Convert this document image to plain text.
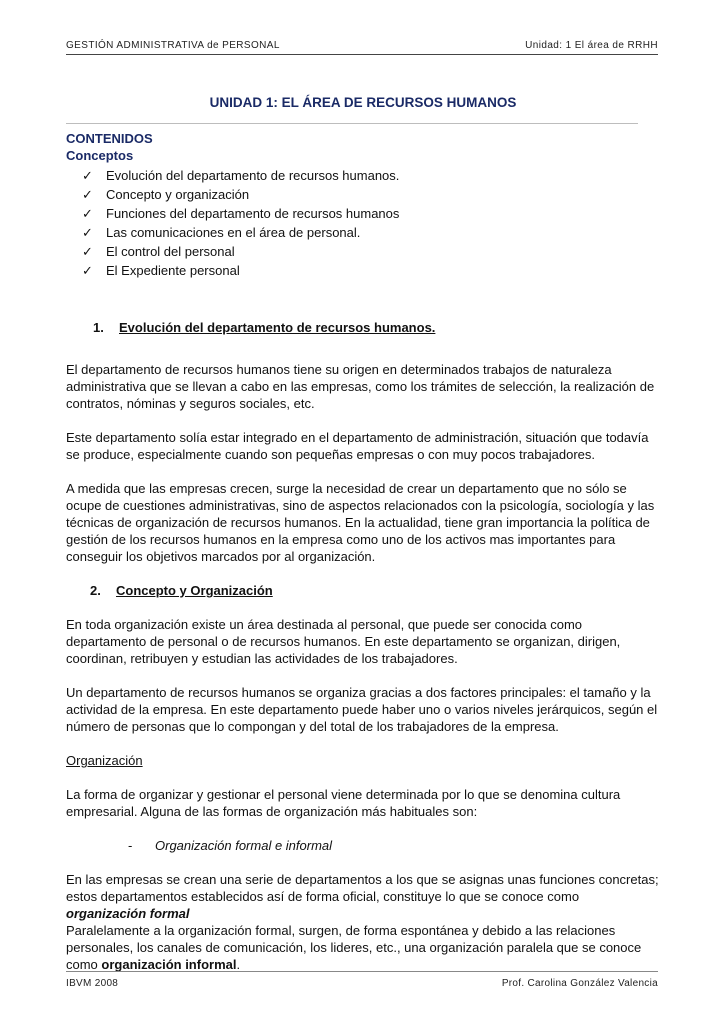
GESTIÓN ADMINISTRATIVA de PERSONAL	Unidad: 1 El área de RRHH
UNIDAD 1: EL ÁREA DE RECURSOS HUMANOS
CONTENIDOS
Conceptos
✓	Evolución del departamento de recursos humanos.
✓	Concepto y organización
✓	Funciones del departamento de recursos humanos
✓	Las comunicaciones en el área de personal.
✓	El control del personal
✓	El Expediente personal
1.	Evolución del departamento de recursos humanos.

El departamento de recursos humanos tiene su origen en determinados trabajos de naturaleza administrativa que se llevan a cabo en las empresas, como los trámites de selección, la realización de contratos, nóminas y seguros sociales, etc.

Este departamento solía estar integrado en el departamento de administración, situación que todavía se produce, especialmente cuando son pequeñas empresas o con muy pocos trabajadores.

A medida que las empresas crecen, surge la necesidad de crear un departamento que no sólo se ocupe de cuestiones administrativas, sino de aspectos relacionados con la psicología, sociología y las técnicas de organización de recursos humanos. En la actualidad, tiene gran importancia la política de gestión de los recursos humanos en la empresa como uno de los activos mas importantes para conseguir los objetivos marcados por al organización.

2.	Concepto y Organización

En toda organización existe un área destinada al personal, que puede ser conocida como departamento de personal o de recursos humanos. En este departamento se organizan, dirigen, coordinan, retribuyen y estudian las actividades de los trabajadores.

Un departamento de recursos humanos se organiza gracias a dos factores principales: el tamaño y la actividad de la empresa. En este departamento puede haber uno o varios niveles jerárquicos, según el número de personas que lo compongan y del total de los trabajadores de la empresa.

Organización

La forma de organizar y gestionar el personal viene determinada por lo que se denomina cultura empresarial. Alguna de las formas de organización más habituales son:

-	Organización formal e informal

En las empresas se crean una serie de departamentos a los que se asignas unas funciones concretas; estos departamentos establecidos así de forma oficial, constituye lo que se conoce como organización formal

Paralelamente a la organización formal, surgen, de forma espontánea y debido a las relaciones personales, los canales de comunicación, los lideres, etc., una organización paralela que se conoce como organización informal.

IBVM 2008	Prof. Carolina González Valencia
